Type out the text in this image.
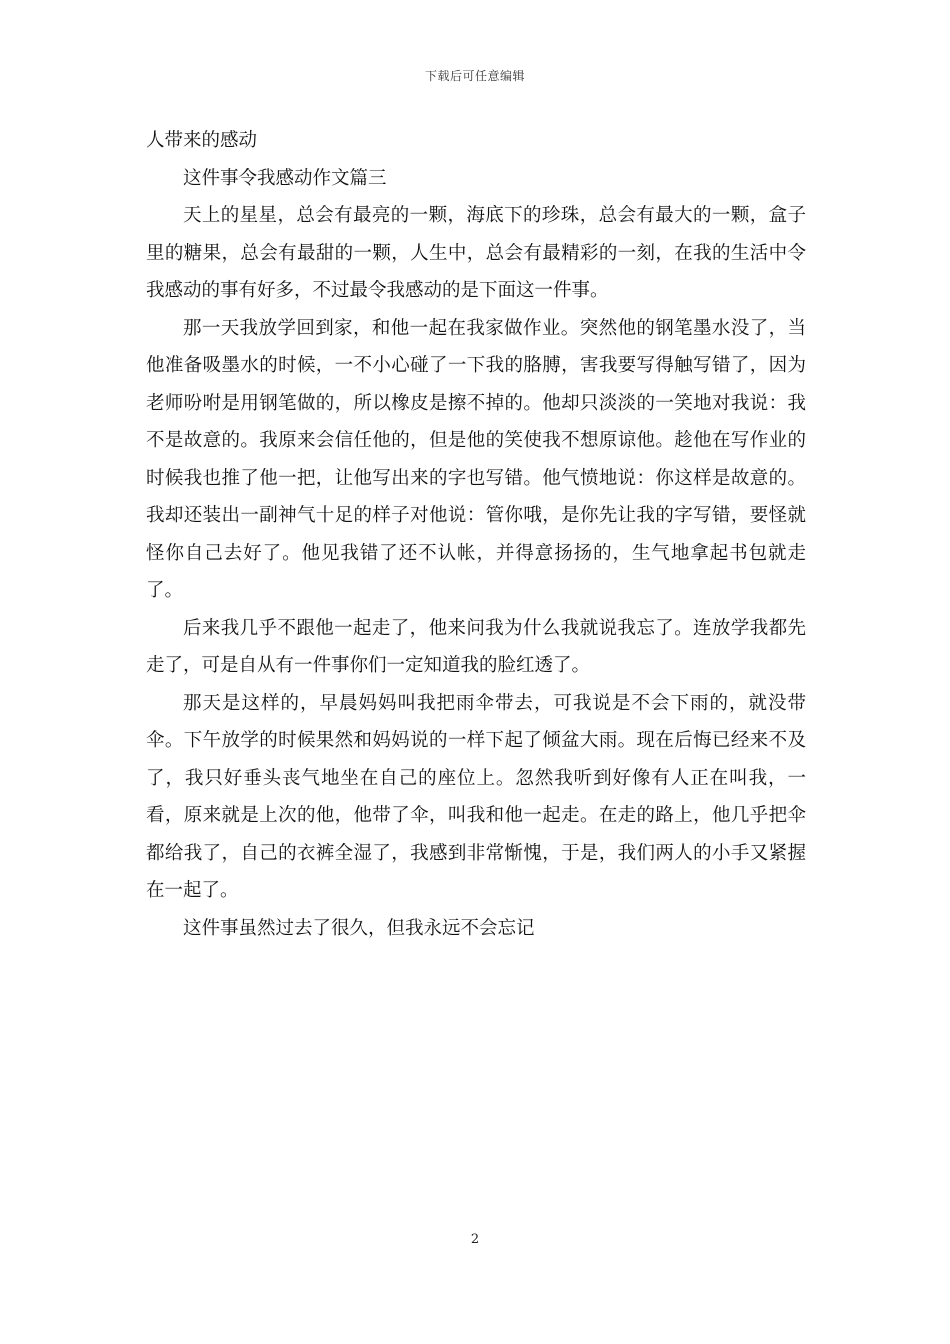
下载后可任意编辑

人带来的感动

这件事令我感动作文篇三

天上的星星，总会有最亮的一颗，海底下的珍珠，总会有最大的一颗，盒子里的糖果，总会有最甜的一颗，人生中，总会有最精彩的一刻，在我的生活中令我感动的事有好多，不过最令我感动的是下面这一件事。

那一天我放学回到家，和他一起在我家做作业。突然他的钢笔墨水没了，当他准备吸墨水的时候，一不小心碰了一下我的胳膊，害我要写得触写错了，因为老师吩咐是用钢笔做的，所以橡皮是擦不掉的。他却只淡淡的一笑地对我说：我不是故意的。我原来会信任他的，但是他的笑使我不想原谅他。趁他在写作业的时候我也推了他一把，让他写出来的字也写错。他气愤地说：你这样是故意的。我却还装出一副神气十足的样子对他说：管你哦，是你先让我的字写错，要怪就怪你自己去好了。他见我错了还不认帐，并得意扬扬的，生气地拿起书包就走了。

后来我几乎不跟他一起走了，他来问我为什么我就说我忘了。连放学我都先走了，可是自从有一件事你们一定知道我的脸红透了。

那天是这样的，早晨妈妈叫我把雨伞带去，可我说是不会下雨的，就没带伞。下午放学的时候果然和妈妈说的一样下起了倾盆大雨。现在后悔已经来不及了，我只好垂头丧气地坐在自己的座位上。忽然我听到好像有人正在叫我，一看，原来就是上次的他，他带了伞，叫我和他一起走。在走的路上，他几乎把伞都给我了，自己的衣裤全湿了，我感到非常惭愧，于是，我们两人的小手又紧握在一起了。

这件事虽然过去了很久，但我永远不会忘记

2
